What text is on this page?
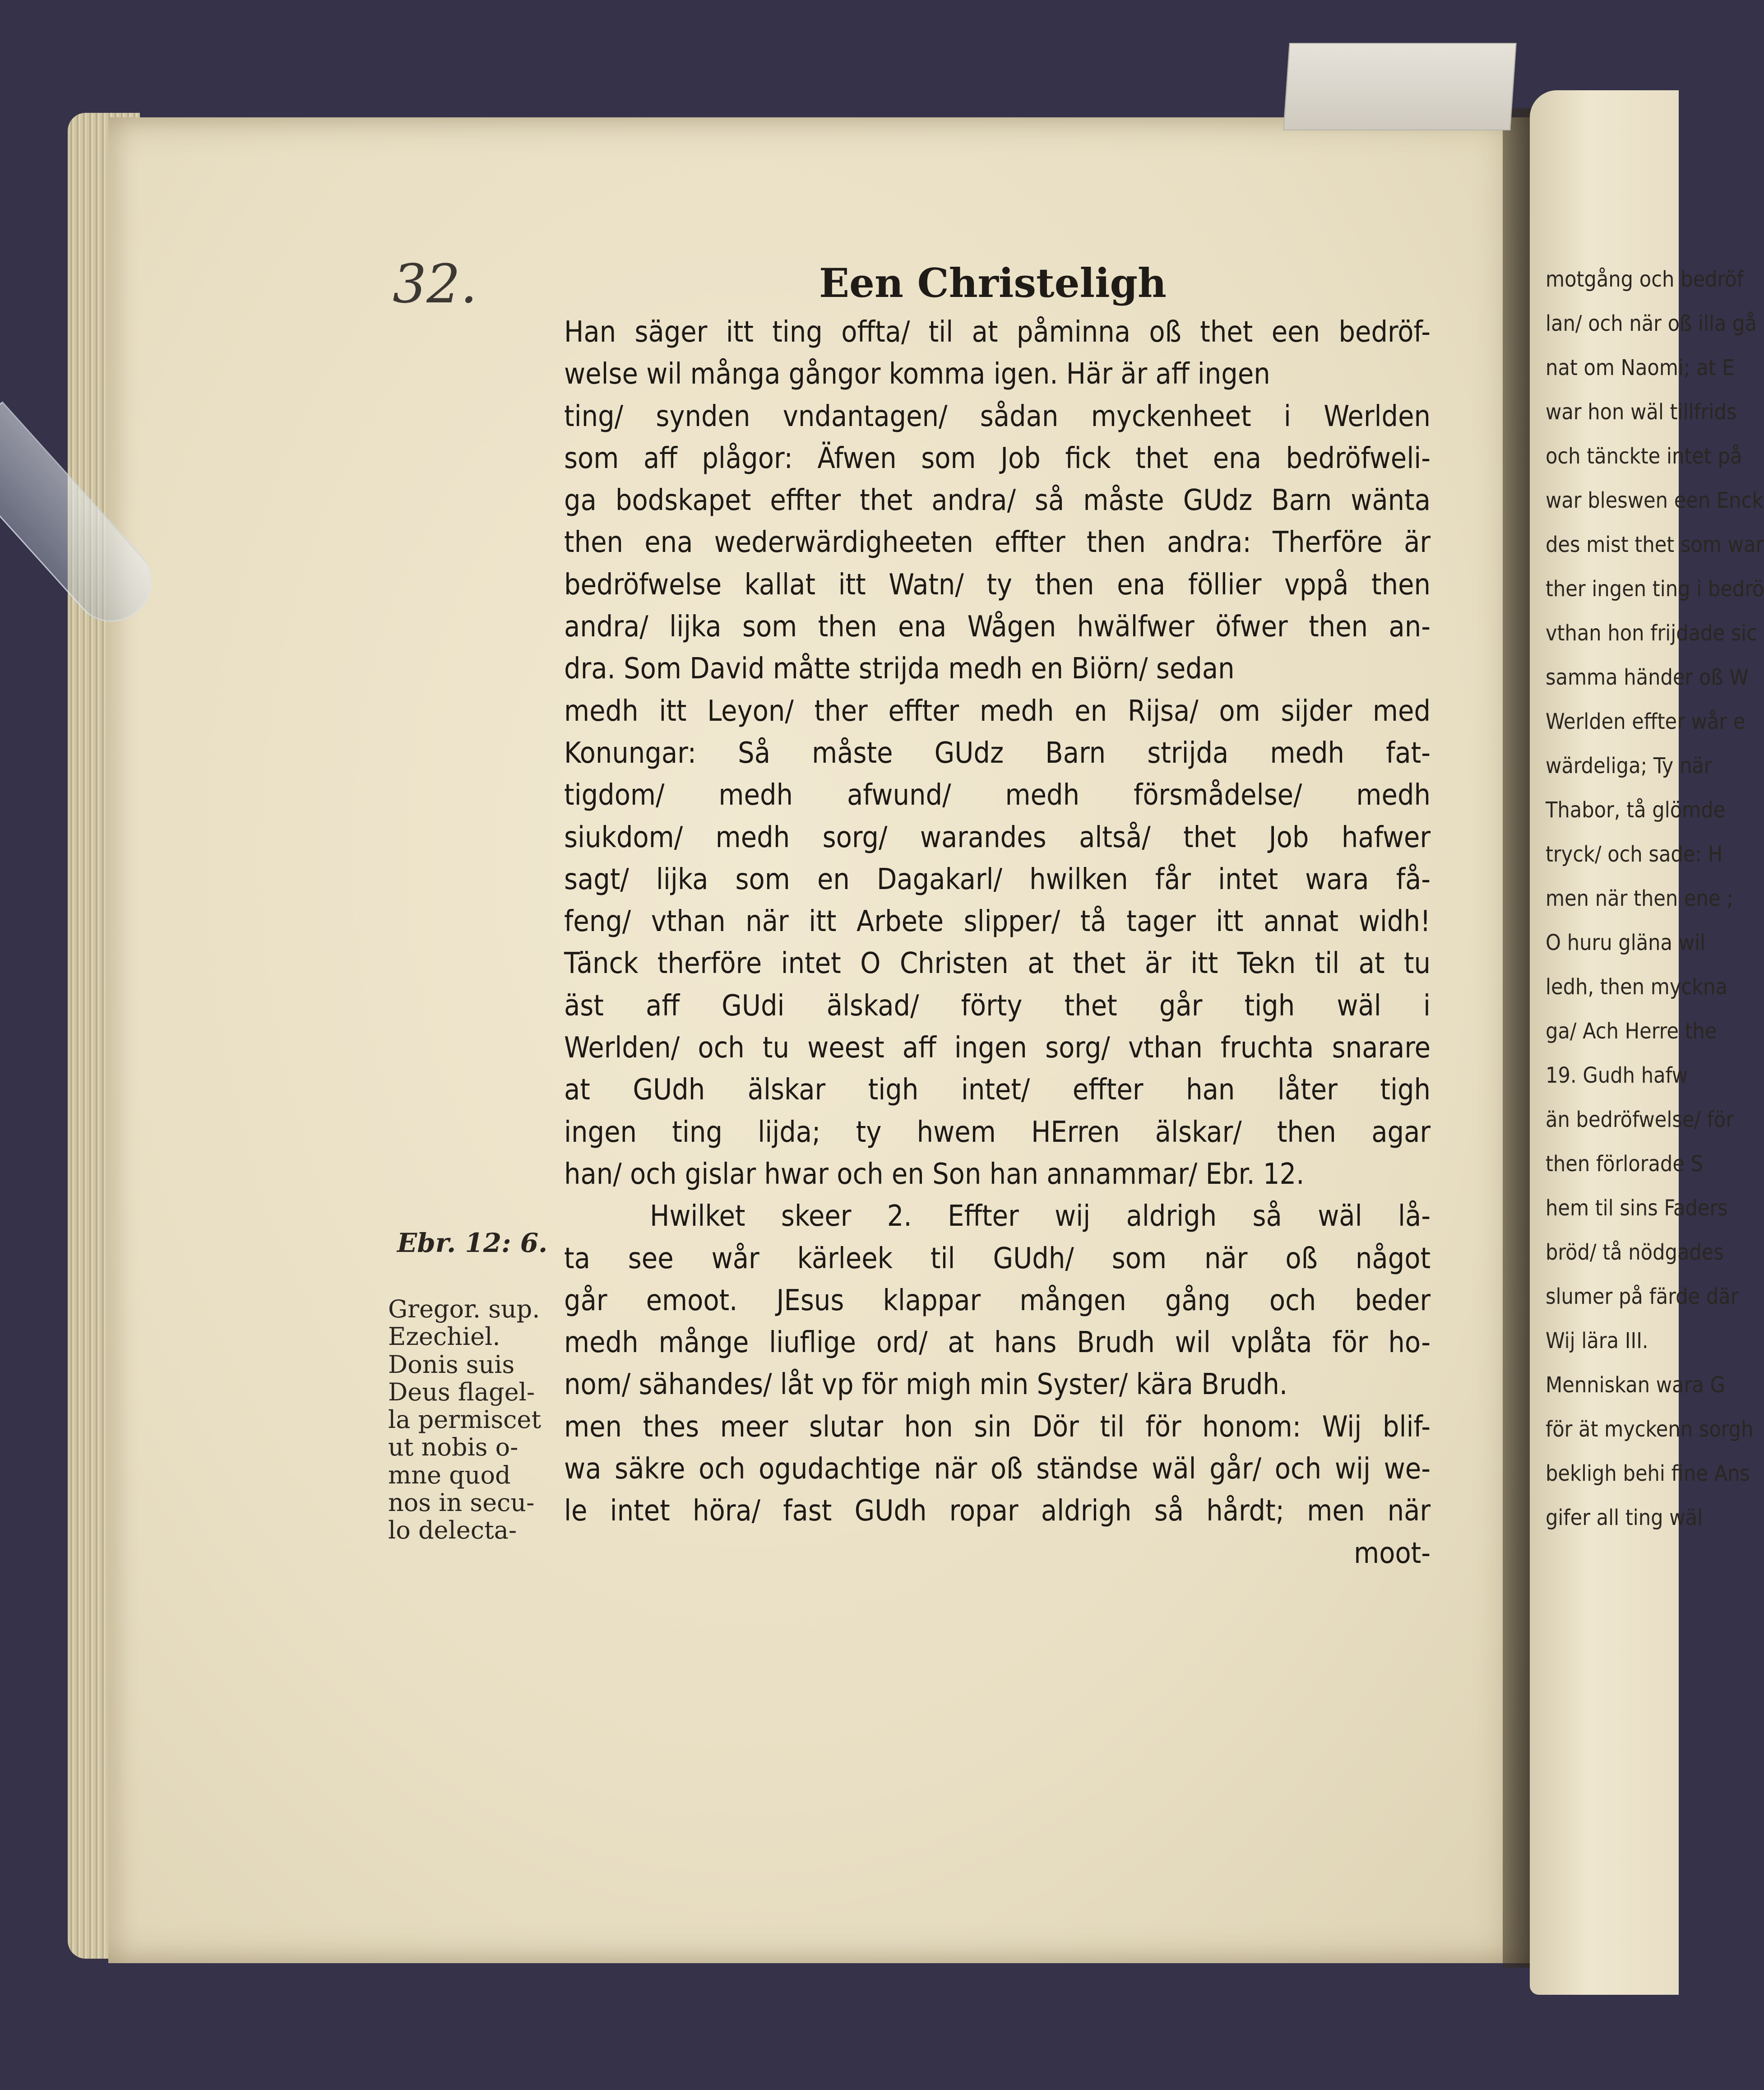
32.	Een Christeligh
Han säger itt ting offta/ til at påminna oß thet een bedröf-
welse wil många gångor komma igen. Här är aff ingen
ting/ synden vndantagen/ sådan myckenheet i Werlden
som aff plågor: Äfwen som Job fick thet ena bedröfweli-
ga bodskapet effter thet andra/ så måste GUdz Barn wänta
then ena wederwärdigheeten effter then andra: Therföre är
bedröfwelse kallat itt Watn/ ty then ena föllier vppå then
andra/ lijka som then ena Wågen hwälfwer öfwer then an-
dra. Som David måtte strijda medh en Biörn/ sedan
medh itt Leyon/ ther effter medh en Rijsa/ om sijder med
Konungar: Så måste GUdz Barn strijda medh fat-
tigdom/ medh afwund/ medh försmådelse/ medh
siukdom/ medh sorg/ warandes altså/ thet Job hafwer
sagt/ lijka som en Dagakarl/ hwilken får intet wara få-
feng/ vthan när itt Arbete slipper/ tå tager itt annat widh!
Tänck therföre intet O Christen at thet är itt Tekn til at tu
äst aff GUdi älskad/ förty thet går tigh wäl i
Werlden/ och tu weest aff ingen sorg/ vthan fruchta snarare
at GUdh älskar tigh intet/ effter han låter tigh
ingen ting lijda; ty hwem HErren älskar/ then agar
han/ och gislar hwar och en Son han annammar/ Ebr. 12.
Hwilket skeer 2. Effter wij aldrigh så wäl lå-
ta see wår kärleek til GUdh/ som när oß något
går emoot. JEsus klappar mången gång och beder
medh månge liuflige ord/ at hans Brudh wil vplåta för ho-
nom/ sähandes/ låt vp för migh min Syster/ kära Brudh.
men thes meer slutar hon sin Dör til för honom: Wij blif-
wa säkre och ogudachtige när oß ständse wäl går/ och wij we-
le intet höra/ fast GUdh ropar aldrigh så hårdt; men när
moot-
Ebr. 12: 6.
Gregor. sup.
Ezechiel.
Donis suis
Deus flagel-
la permiscet
ut nobis o-
mne quod
nos in secu-
lo delecta-
motgång och bedröf
lan/ och när oß illa gå
nat om Naomi; at E
war hon wäl tillfrids
och tänckte intet på
war bleswen een Enck
des mist thet som war
ther ingen ting i bedrö
vthan hon frijdade sic
samma händer oß W
Werlden effter wår e
wärdeliga; Ty när
Thabor, tå glömde
tryck/ och sade: H
men när then ene ;
O huru gläna wil
ledh, then myckna
ga/ Ach Herre the
19. Gudh hafw
än bedröfwelse/ för
then förlorade S
hem til sins Faders
bröd/ tå nödgades
slumer på färde där
Wij lära III.
Menniskan wara G
för ät myckenn sorgh
bekligh behi fine Ans
gifer all ting wäl
